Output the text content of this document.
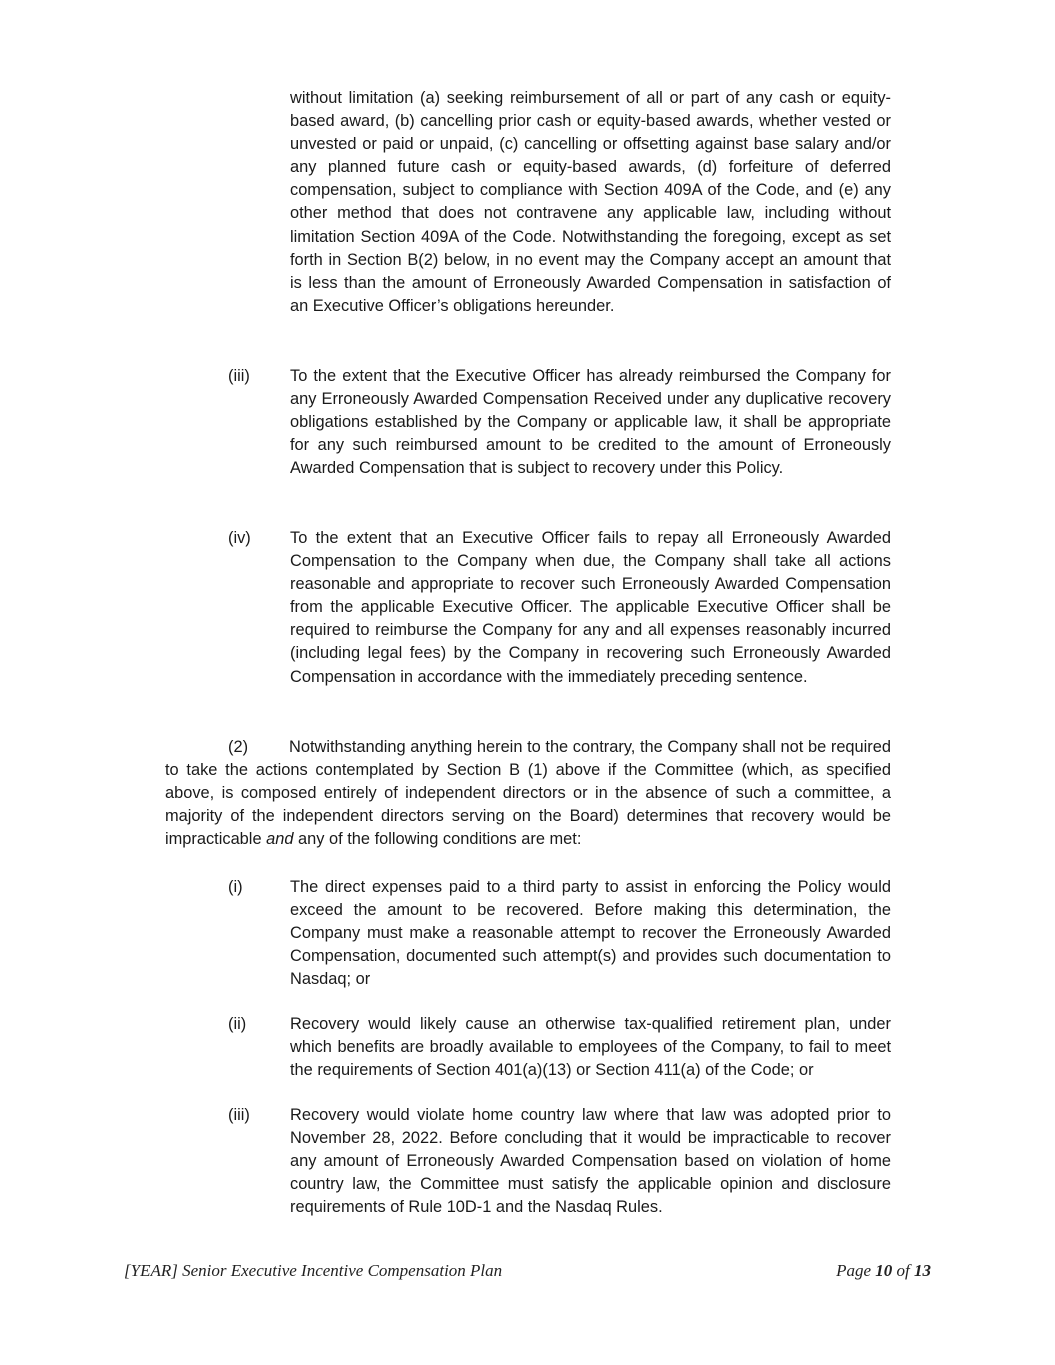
without limitation (a) seeking reimbursement of all or part of any cash or equity-based award, (b) cancelling prior cash or equity-based awards, whether vested or unvested or paid or unpaid, (c) cancelling or offsetting against base salary and/or any planned future cash or equity-based awards, (d) forfeiture of deferred compensation, subject to compliance with Section 409A of the Code, and (e) any other method that does not contravene any applicable law, including without limitation Section 409A of the Code. Notwithstanding the foregoing, except as set forth in Section B(2) below, in no event may the Company accept an amount that is less than the amount of Erroneously Awarded Compensation in satisfaction of an Executive Officer’s obligations hereunder.
(iii)	To the extent that the Executive Officer has already reimbursed the Company for any Erroneously Awarded Compensation Received under any duplicative recovery obligations established by the Company or applicable law, it shall be appropriate for any such reimbursed amount to be credited to the amount of Erroneously Awarded Compensation that is subject to recovery under this Policy.
(iv)	To the extent that an Executive Officer fails to repay all Erroneously Awarded Compensation to the Company when due, the Company shall take all actions reasonable and appropriate to recover such Erroneously Awarded Compensation from the applicable Executive Officer. The applicable Executive Officer shall be required to reimburse the Company for any and all expenses reasonably incurred (including legal fees) by the Company in recovering such Erroneously Awarded Compensation in accordance with the immediately preceding sentence.
(2) Notwithstanding anything herein to the contrary, the Company shall not be required to take the actions contemplated by Section B (1) above if the Committee (which, as specified above, is composed entirely of independent directors or in the absence of such a committee, a majority of the independent directors serving on the Board) determines that recovery would be impracticable and any of the following conditions are met:
(i)	The direct expenses paid to a third party to assist in enforcing the Policy would exceed the amount to be recovered. Before making this determination, the Company must make a reasonable attempt to recover the Erroneously Awarded Compensation, documented such attempt(s) and provides such documentation to Nasdaq; or
(ii)	Recovery would likely cause an otherwise tax-qualified retirement plan, under which benefits are broadly available to employees of the Company, to fail to meet the requirements of Section 401(a)(13) or Section 411(a) of the Code; or
(iii)	Recovery would violate home country law where that law was adopted prior to November 28, 2022. Before concluding that it would be impracticable to recover any amount of Erroneously Awarded Compensation based on violation of home country law, the Committee must satisfy the applicable opinion and disclosure requirements of Rule 10D-1 and the Nasdaq Rules.
[YEAR] Senior Executive Incentive Compensation Plan	Page 10 of 13
